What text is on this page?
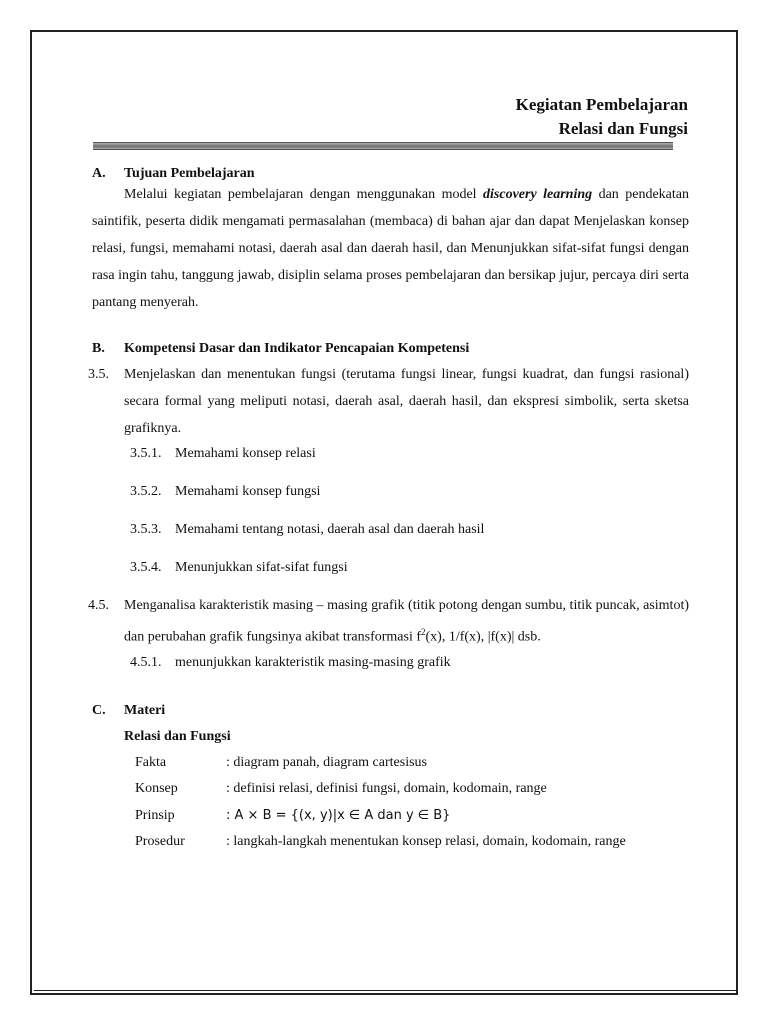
Kegiatan Pembelajaran
Relasi dan Fungsi
A. Tujuan Pembelajaran

Melalui kegiatan pembelajaran dengan menggunakan model discovery learning dan pendekatan saintifik, peserta didik mengamati permasalahan (membaca) di bahan ajar dan dapat Menjelaskan konsep relasi, fungsi, memahami notasi, daerah asal dan daerah hasil, dan Menunjukkan sifat-sifat fungsi dengan rasa ingin tahu, tanggung jawab, disiplin selama proses pembelajaran dan bersikap jujur, percaya diri serta pantang menyerah.

B. Kompetensi Dasar dan Indikator Pencapaian Kompetensi
3.5. Menjelaskan dan menentukan fungsi (terutama fungsi linear, fungsi kuadrat, dan fungsi rasional) secara formal yang meliputi notasi, daerah asal, daerah hasil, dan ekspresi simbolik, serta sketsa grafiknya.
3.5.1. Memahami konsep relasi
3.5.2. Memahami konsep fungsi
3.5.3. Memahami tentang notasi, daerah asal dan daerah hasil
3.5.4. Menunjukkan sifat-sifat fungsi
4.5. Menganalisa karakteristik masing – masing grafik (titik potong dengan sumbu, titik puncak, asimtot) dan perubahan grafik fungsinya akibat transformasi $f^2(x)$, 1/f(x), |f(x)| dsb.
4.5.1. menunjukkan karakteristik masing-masing grafik
C. Materi
Relasi dan Fungsi
Fakta	: diagram panah, diagram cartesisus
Konsep	: definisi relasi, definisi fungsi, domain, kodomain, range
Prinsip	: A × B = {(x, y)|x ∈ A dan y ∈ B}
Prosedur	: langkah-langkah menentukan konsep relasi, domain, kodomain, range
